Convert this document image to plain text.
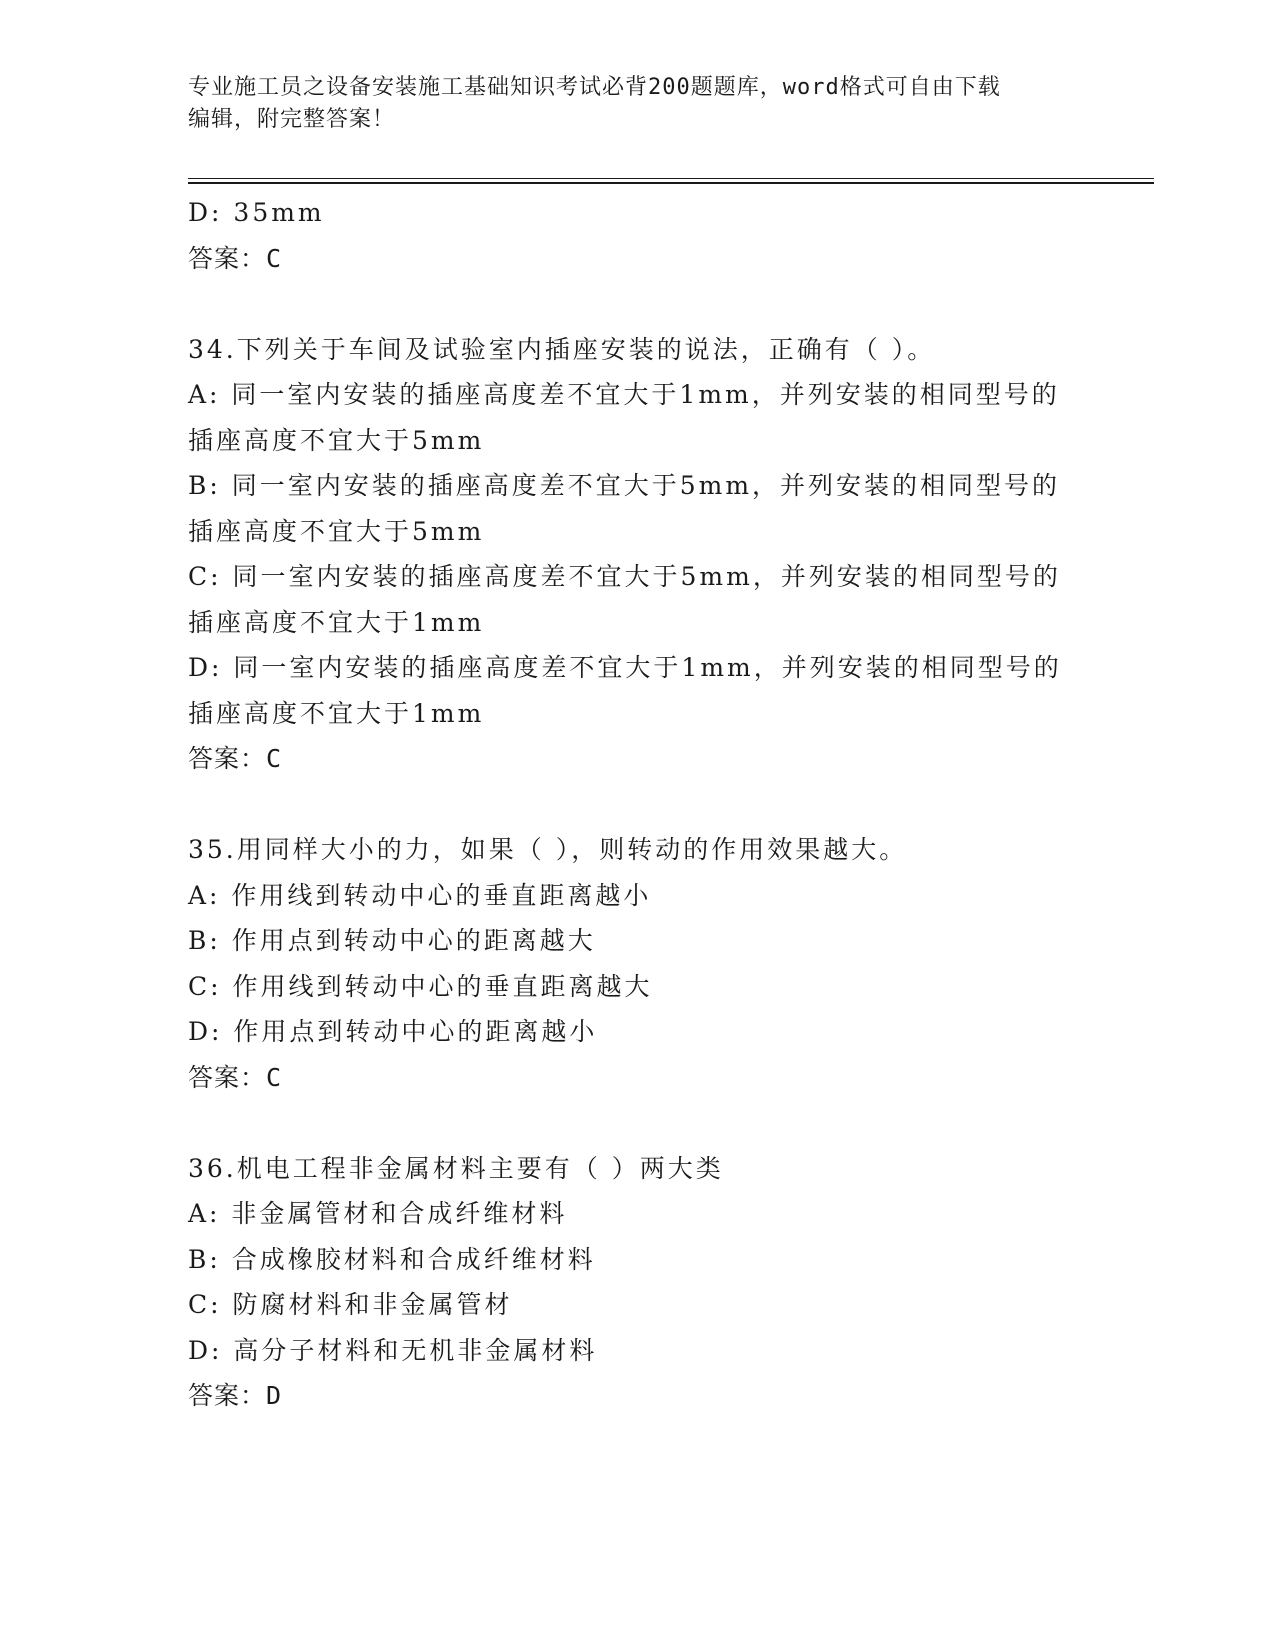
专业施工员之设备安装施工基础知识考试必背200题题库，word格式可自由下载
编辑，附完整答案！
D: 35mm
答案：C
34.下列关于车间及试验室内插座安装的说法，正确有（ ）。
A: 同一室内安装的插座高度差不宜大于1mm，并列安装的相同型号的
插座高度不宜大于5mm
B: 同一室内安装的插座高度差不宜大于5mm，并列安装的相同型号的
插座高度不宜大于5mm
C: 同一室内安装的插座高度差不宜大于5mm，并列安装的相同型号的
插座高度不宜大于1mm
D: 同一室内安装的插座高度差不宜大于1mm，并列安装的相同型号的
插座高度不宜大于1mm
答案：C
35.用同样大小的力，如果（ ），则转动的作用效果越大。
A: 作用线到转动中心的垂直距离越小
B: 作用点到转动中心的距离越大
C: 作用线到转动中心的垂直距离越大
D: 作用点到转动中心的距离越小
答案：C
36.机电工程非金属材料主要有（ ）两大类
A: 非金属管材和合成纤维材料
B: 合成橡胶材料和合成纤维材料
C: 防腐材料和非金属管材
D: 高分子材料和无机非金属材料
答案：D
